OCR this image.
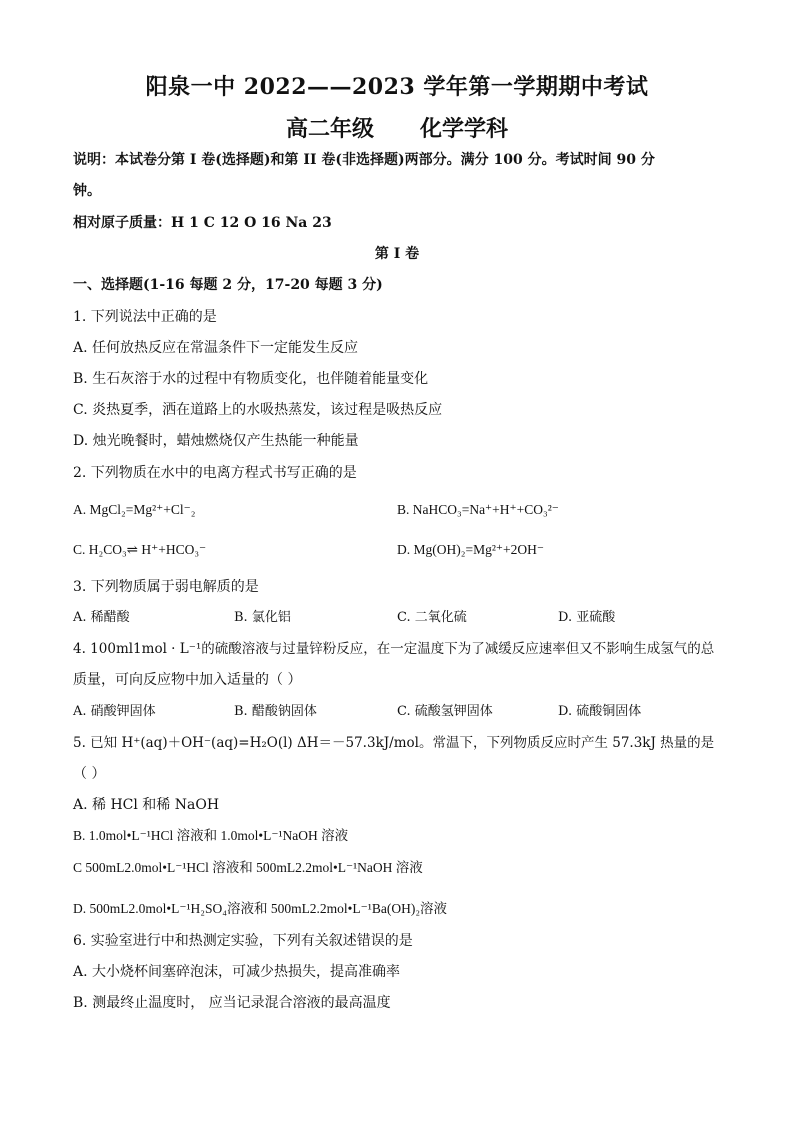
阳泉一中 2022——2023 学年第一学期期中考试
高二年级 化学学科
说明：本试卷分第 I 卷(选择题)和第 II 卷(非选择题)两部分。满分 100 分。考试时间 90 分
钟。
相对原子质量：H 1 C 12 O 16 Na 23
第 I 卷
一、选择题(1-16 每题 2 分，17-20 每题 3 分)
1. 下列说法中正确的是
A. 任何放热反应在常温条件下一定能发生反应
B. 生石灰溶于水的过程中有物质变化，也伴随着能量变化
C. 炎热夏季，洒在道路上的水吸热蒸发，该过程是吸热反应
D. 烛光晚餐时，蜡烛燃烧仅产生热能一种能量
2. 下列物质在水中的电离方程式书写正确的是
A. MgCl₂=Mg²⁺+Cl⁻₂	B. NaHCO₃=Na⁺+H⁺+CO₃²⁻
C. H₂CO₃⇌ H⁺+HCO₃⁻	D. Mg(OH)₂=Mg²⁺+2OH⁻
3. 下列物质属于弱电解质的是
A. 稀醋酸	B. 氯化铝	C. 二氧化硫	D. 亚硫酸
4. 100ml1mol · L⁻¹的硫酸溶液与过量锌粉反应，在一定温度下为了减缓反应速率但又不影响生成氢气的总
质量，可向反应物中加入适量的（ ）
A. 硝酸钾固体	B. 醋酸钠固体	C. 硫酸氢钾固体	D. 硫酸铜固体
5. 已知 H⁺(aq)＋OH⁻(aq)=H₂O(l) ΔH＝－57.3kJ/mol。常温下，下列物质反应时产生 57.3kJ 热量的是
（ ）
A. 稀 HCl 和稀 NaOH
B. 1.0mol•L⁻¹HCl 溶液和 1.0mol•L⁻¹NaOH 溶液
C 500mL2.0mol•L⁻¹HCl 溶液和 500mL2.2mol•L⁻¹NaOH 溶液
D. 500mL2.0mol•L⁻¹H₂SO₄溶液和 500mL2.2mol•L⁻¹Ba(OH)₂溶液
6. 实验室进行中和热测定实验，下列有关叙述错误的是
A. 大小烧杯间塞碎泡沫，可减少热损失，提高准确率
B. 测最终止温度时， 应当记录混合溶液的最高温度
